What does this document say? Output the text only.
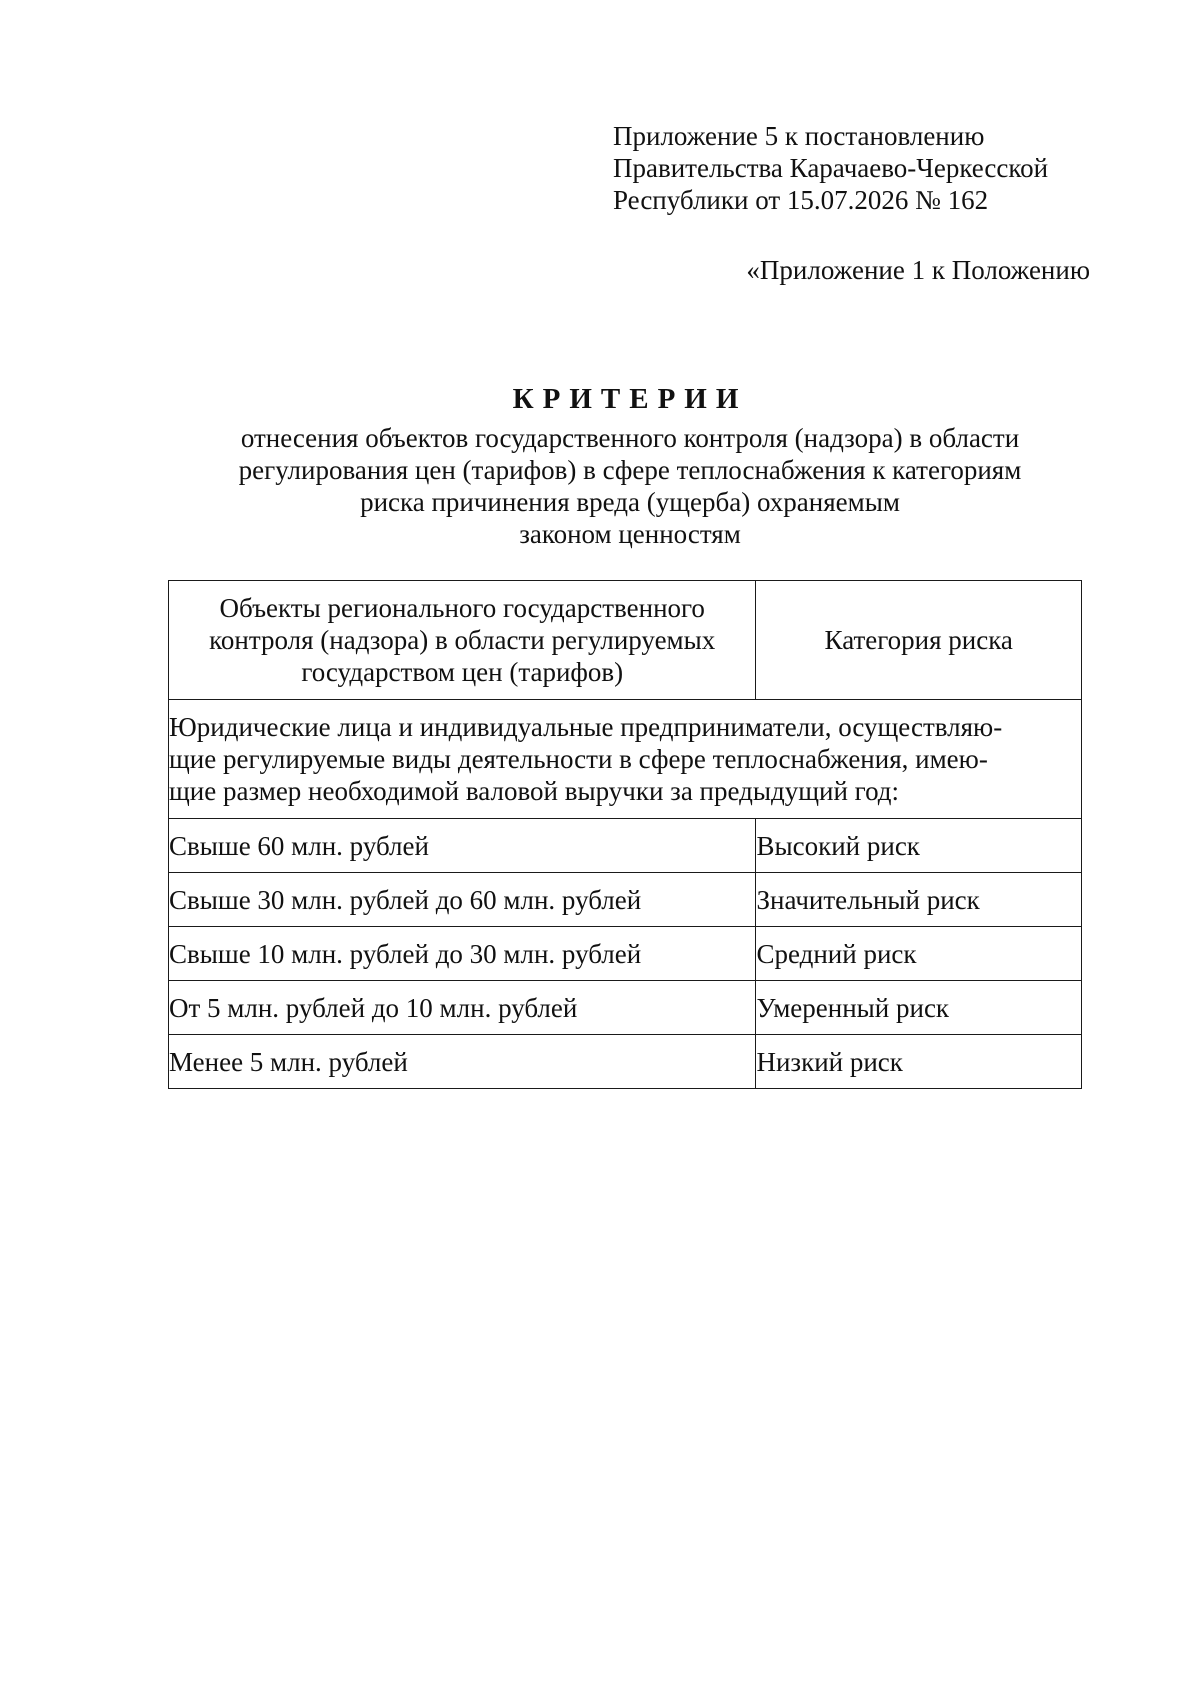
Приложение 5 к постановлению
Правительства Карачаево-Черкесской
Республики от 15.07.2026 № 162
«Приложение 1 к Положению
КРИТЕРИИ
отнесения объектов государственного контроля (надзора) в области
регулирования цен (тарифов) в сфере теплоснабжения к категориям
риска причинения вреда (ущерба) охраняемым
законом ценностям
Объекты регионального государственного
контроля (надзора) в области регулируемых
государством цен (тарифов)	Категория риска

Юридические лица и индивидуальные предприниматели, осуществляю-
щие регулируемые виды деятельности в сфере теплоснабжения, имею-
щие размер необходимой валовой выручки за предыдущий год:	

Свыше 60 млн. рублей	Высокий риск
Свыше 30 млн. рублей до 60 млн. рублей	Значительный риск
Свыше 10 млн. рублей до 30 млн. рублей	Средний риск
От 5 млн. рублей до 10 млн. рублей	Умеренный риск
Менее 5 млн. рублей	Низкий риск
